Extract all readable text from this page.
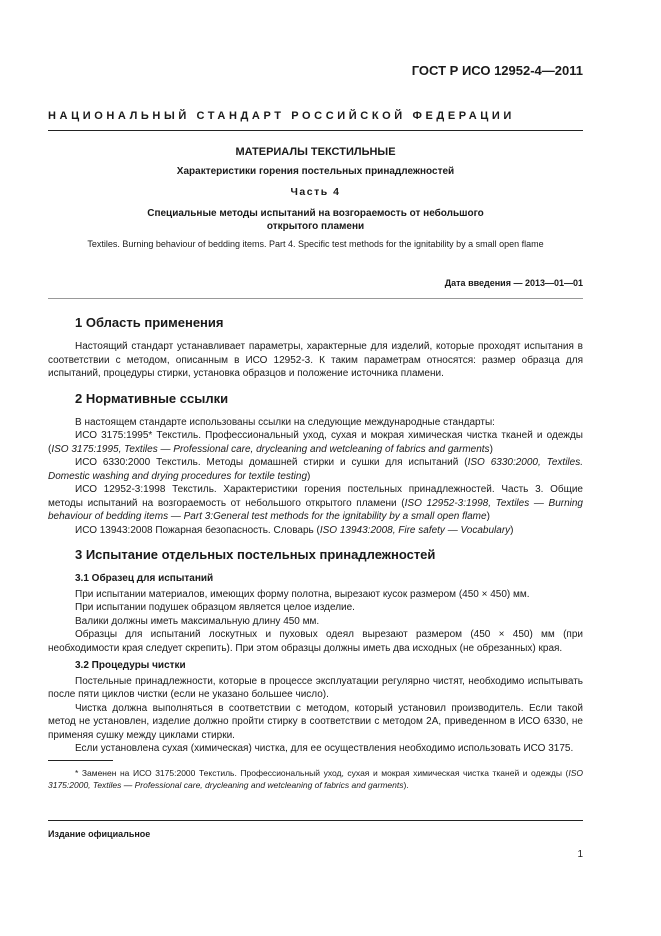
ГОСТ Р ИСО 12952-4—2011
НАЦИОНАЛЬНЫЙ СТАНДАРТ РОССИЙСКОЙ ФЕДЕРАЦИИ
МАТЕРИАЛЫ ТЕКСТИЛЬНЫЕ
Характеристики горения постельных принадлежностей
Часть 4
Специальные методы испытаний на возгораемость от небольшого
открытого пламени
Textiles. Burning behaviour of bedding items. Part 4. Specific test methods for the ignitability by a small open flame
Дата введения — 2013—01—01
1 Область применения

Настоящий стандарт устанавливает параметры, характерные для изделий, которые проходят испытания в соответствии с методом, описанным в ИСО 12952-3. К таким параметрам относятся: размер образца для испытаний, процедуры стирки, установка образцов и положение источника пламени.

2 Нормативные ссылки

В настоящем стандарте использованы ссылки на следующие международные стандарты:

ИСО 3175:1995* Текстиль. Профессиональный уход, сухая и мокрая химическая чистка тканей и одежды (ISO 3175:1995, Textiles — Professional care, drycleaning and wetcleaning of fabrics and garments)

ИСО 6330:2000 Текстиль. Методы домашней стирки и сушки для испытаний (ISO 6330:2000, Textiles. Domestic washing and drying procedures for textile testing)

ИСО 12952-3:1998 Текстиль. Характеристики горения постельных принадлежностей. Часть 3. Общие методы испытаний на возгораемость от небольшого открытого пламени (ISO 12952-3:1998, Textiles — Burning behaviour of bedding items — Part 3:General test methods for the ignitability by a small open flame)

ИСО 13943:2008 Пожарная безопасность. Словарь (ISO 13943:2008, Fire safety — Vocabulary)

3 Испытание отдельных постельных принадлежностей
3.1 Образец для испытаний

При испытании материалов, имеющих форму полотна, вырезают кусок размером (450 × 450) мм.

При испытании подушек образцом является целое изделие.

Валики должны иметь максимальную длину 450 мм.

Образцы для испытаний лоскутных и пуховых одеял вырезают размером (450 × 450) мм (при необходимости края следует скрепить). При этом образцы должны иметь два исходных (не обрезанных) края.

3.2 Процедуры чистки

Постельные принадлежности, которые в процессе эксплуатации регулярно чистят, необходимо испытывать после пяти циклов чистки (если не указано большее число).

Чистка должна выполняться в соответствии с методом, который установил производитель. Если такой метод не установлен, изделие должно пройти стирку в соответствии с методом 2А, приведенном в ИСО 6330, не применяя сушку между циклами стирки.

Если установлена сухая (химическая) чистка, для ее осуществления необходимо использовать ИСО 3175.

* Заменен на ИСО 3175:2000 Текстиль. Профессиональный уход, сухая и мокрая химическая чистка тканей и одежды (ISO 3175:2000, Textiles — Professional care, drycleaning and wetcleaning of fabrics and garments).

Издание официальное
1
